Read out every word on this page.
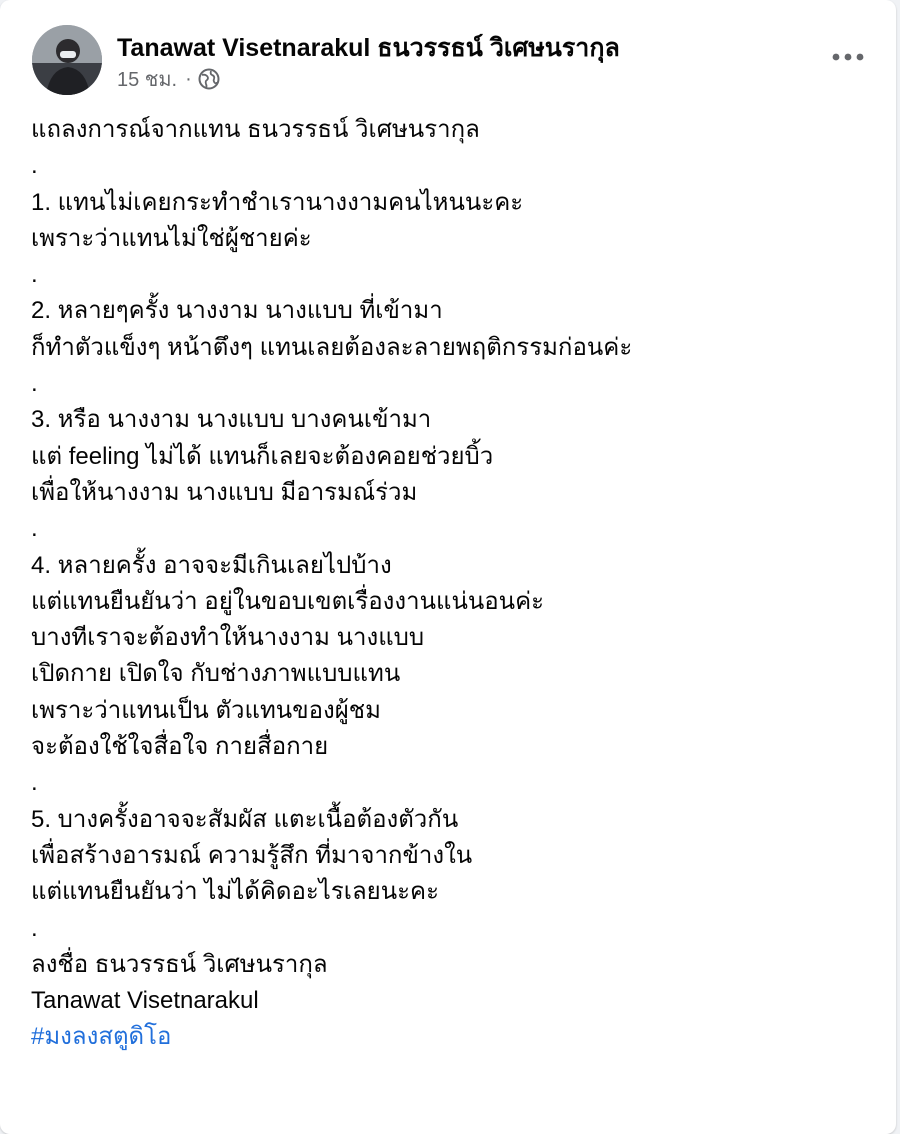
Tanawat Visetnarakul ธนวรรธน์ วิเศษนรากุล
15 ชม. ·
แถลงการณ์จากแทน ธนวรรธน์ วิเศษนรากุล
.
1. แทนไม่เคยกระทำชำเรานางงามคนไหนนะคะ
เพราะว่าแทนไม่ใช่ผู้ชายค่ะ
.
2. หลายๆครั้ง นางงาม นางแบบ ที่เข้ามา
ก็ทำตัวแข็งๆ หน้าตึงๆ แทนเลยต้องละลายพฤติกรรมก่อนค่ะ
.
3. หรือ นางงาม นางแบบ บางคนเข้ามา
แต่ feeling ไม่ได้ แทนก็เลยจะต้องคอยช่วยบิ้ว
เพื่อให้นางงาม นางแบบ มีอารมณ์ร่วม
.
4. หลายครั้ง อาจจะมีเกินเลยไปบ้าง
แต่แทนยืนยันว่า อยู่ในขอบเขตเรื่องงานแน่นอนค่ะ
บางทีเราจะต้องทำให้นางงาม นางแบบ
เปิดกาย เปิดใจ กับช่างภาพแบบแทน
เพราะว่าแทนเป็น ตัวแทนของผู้ชม
จะต้องใช้ใจสื่อใจ กายสื่อกาย
.
5. บางครั้งอาจจะสัมผัส แตะเนื้อต้องตัวกัน
เพื่อสร้างอารมณ์ ความรู้สึก ที่มาจากข้างใน
แต่แทนยืนยันว่า ไม่ได้คิดอะไรเลยนะคะ
.
ลงชื่อ ธนวรรธน์ วิเศษนรากุล
Tanawat Visetnarakul
#มงลงสตูดิโอ
